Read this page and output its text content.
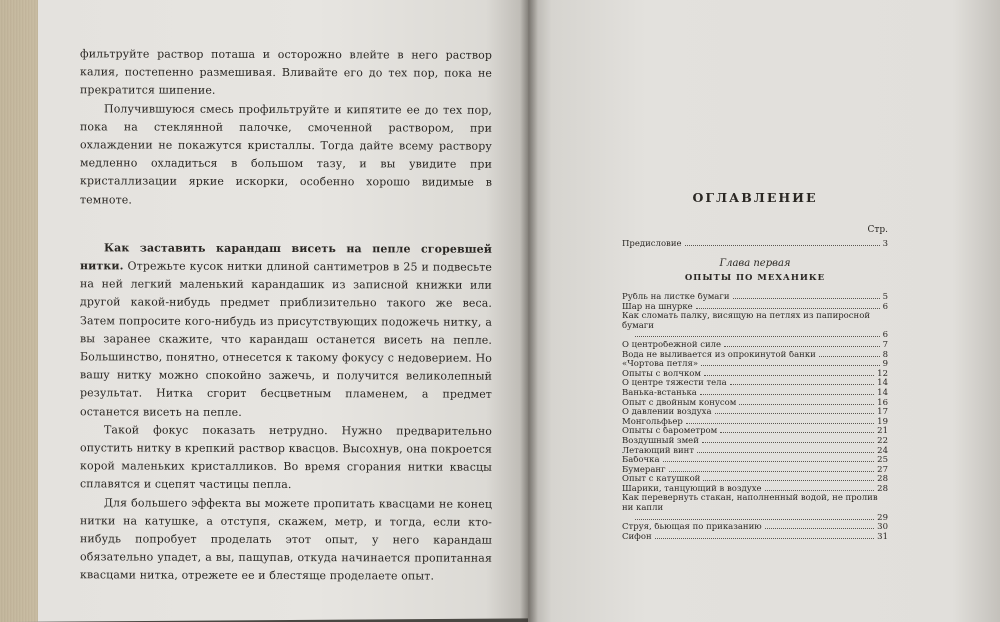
фильтруйте раствор поташа и осторожно влейте в него раствор калия, постепенно размешивая. Вливайте его до тех пор, пока не прекратится шипение.

Получившуюся смесь профильтруйте и кипятите ее до тех пор, пока на стеклянной палочке, смоченной раствором, при охлаждении не покажутся кристаллы. Тогда дайте всему раствору медленно охладиться в большом тазу, и вы увидите при кристаллизации яркие искорки, особенно хорошо видимые в темноте.

Как заставить карандаш висеть на пепле сгоревшей нитки. Отрежьте кусок нитки длиной сантиметров в 25 и подвесьте на ней легкий маленький карандашик из записной книжки или другой какой-нибудь предмет приблизительно такого же веса. Затем попросите кого-нибудь из присутствующих подожечь нитку, а вы заранее скажите, что карандаш останется висеть на пепле. Большинство, понятно, отнесется к такому фокусу с недоверием. Но вашу нитку можно спокойно зажечь, и получится великолепный результат. Нитка сгорит бесцветным пламенем, а предмет останется висеть на пепле.

Такой фокус показать нетрудно. Нужно предварительно опустить нитку в крепкий раствор квасцов. Высохнув, она покроется корой маленьких кристалликов. Во время сгорания нитки квасцы сплавятся и сцепят частицы пепла.

Для большего эффекта вы можете пропитать квасцами не конец нитки на катушке, а отступя, скажем, метр, и тогда, если кто-нибудь попробует проделать этот опыт, у него карандаш обязательно упадет, а вы, пащупав, откуда начинается пропитанная квасцами нитка, отрежете ее и блестяще проделаете опыт.

ОГЛАВЛЕНИЕ
Стр.
Предисловие	3
Глава первая
ОПЫТЫ ПО МЕХАНИКЕ
Рубль на листке бумаги	5
Шар на шнурке	6
Как сломать палку, висящую на петлях из папиросной бумаги
6
О центробежной силе	7
Вода не выливается из опрокинутой банки	8
«Чортова петля»	9
Опыты с волчком	12
О центре тяжести тела	14
Ванька-встанька	14
Опыт с двойным конусом	16
О давлении воздуха	17
Монгольфьер	19
Опыты с барометром	21
Воздушный змей	22
Летающий винт	24
Бабочка	25
Бумеранг	27
Опыт с катушкой	28
Шарики, танцующий в воздухе	28
Как перевернуть стакан, наполненный водой, не пролив ни капли
29
Струя, бьющая по приказанию	30
Сифон	31
